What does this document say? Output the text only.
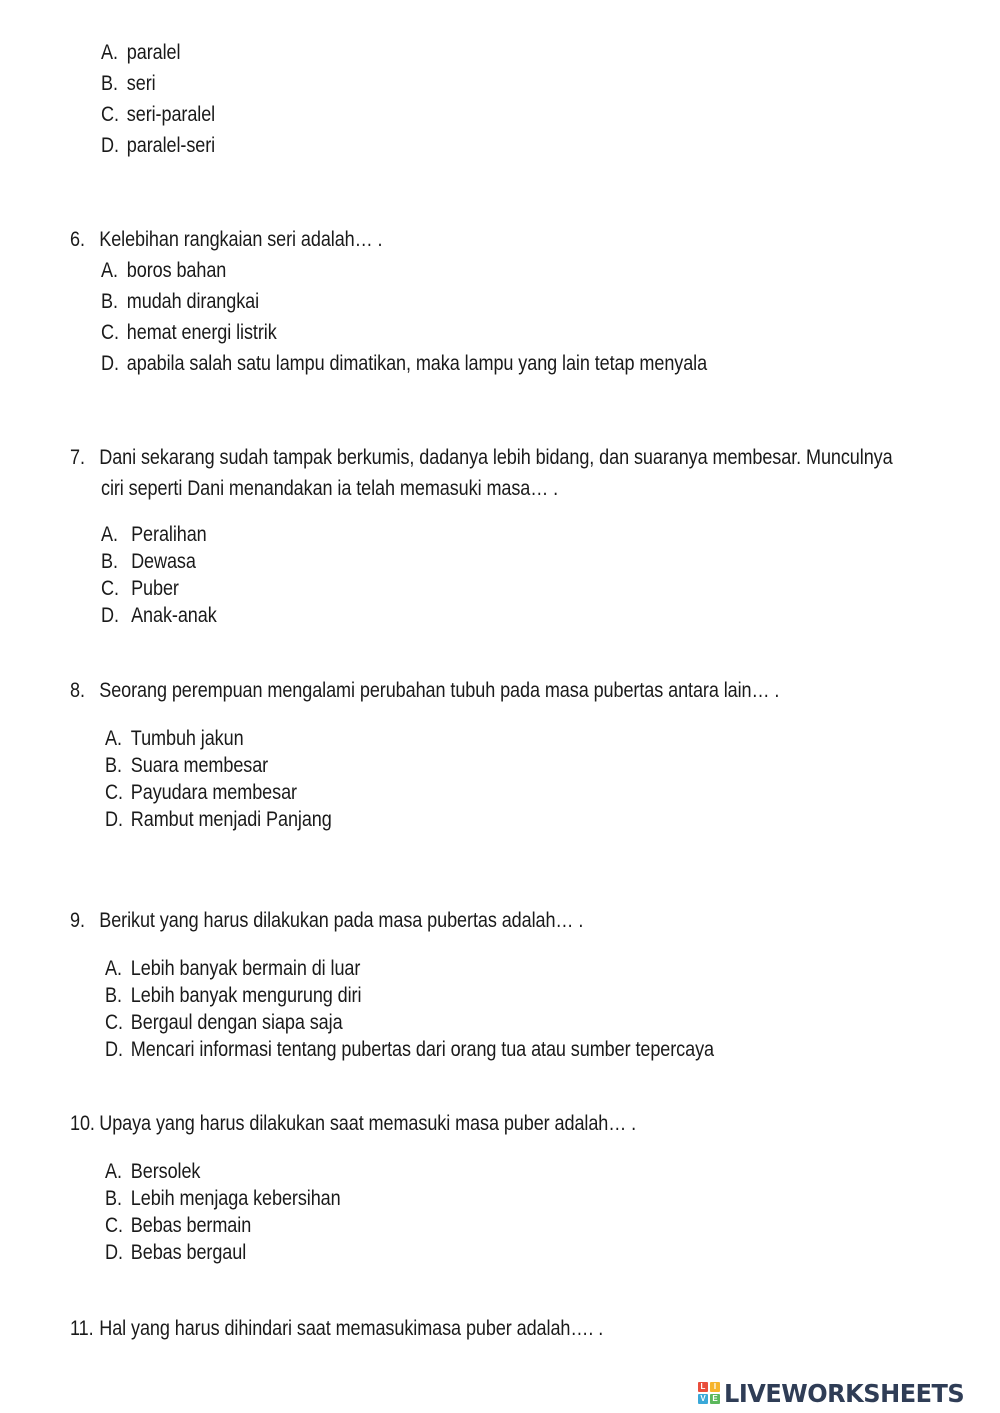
A. paralel
B. seri
C. seri-paralel
D. paralel-seri
6. Kelebihan rangkaian seri adalah… .
A. boros bahan
B. mudah dirangkai
C. hemat energi listrik
D. apabila salah satu lampu dimatikan, maka lampu yang lain tetap menyala
7. Dani sekarang sudah tampak berkumis, dadanya lebih bidang, dan suaranya membesar. Munculnya
ciri seperti Dani menandakan ia telah memasuki masa… .
A. Peralihan
B. Dewasa
C. Puber
D. Anak-anak
8. Seorang perempuan mengalami perubahan tubuh pada masa pubertas antara lain… .
A. Tumbuh jakun
B. Suara membesar
C. Payudara membesar
D. Rambut menjadi Panjang
9. Berikut yang harus dilakukan pada masa pubertas adalah… .
A. Lebih banyak bermain di luar
B. Lebih banyak mengurung diri
C. Bergaul dengan siapa saja
D. Mencari informasi tentang pubertas dari orang tua atau sumber tepercaya
10. Upaya yang harus dilakukan saat memasuki masa puber adalah… .
A. Bersolek
B. Lebih menjaga kebersihan
C. Bebas bermain
D. Bebas bergaul
11. Hal yang harus dihindari saat memasukimasa puber adalah…. .
L	I
V E LIVEWORKSHEETS
